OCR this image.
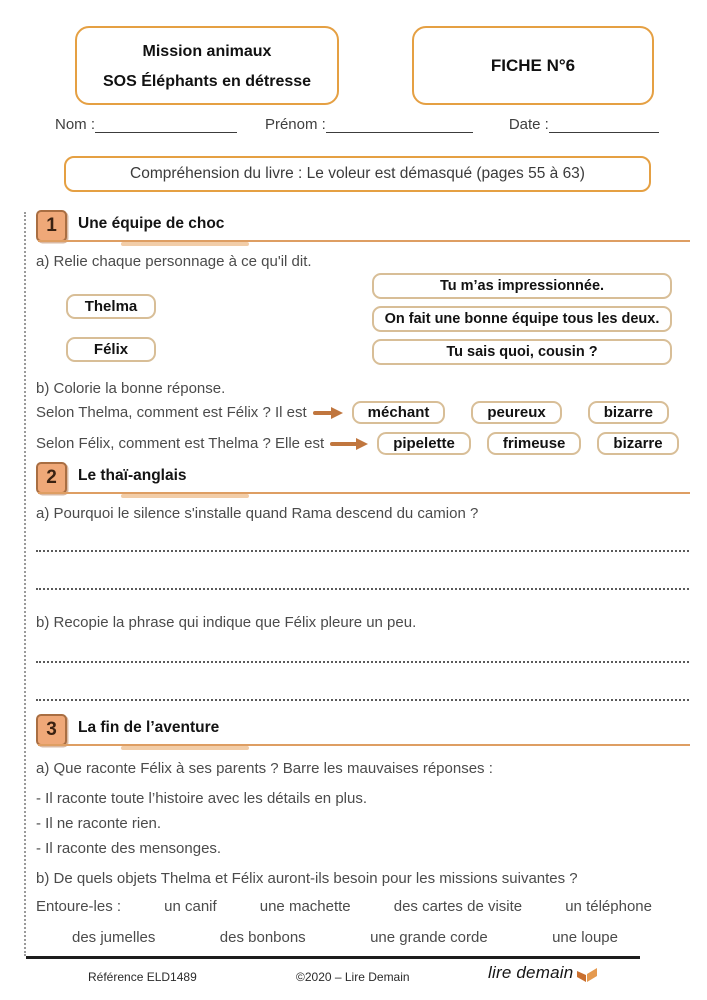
Mission animaux
SOS Éléphants en détresse
FICHE N°6
Nom :	Prénom :	Date :
Compréhension du livre : Le voleur est démasqué (pages 55 à 63)
1	Une équipe de choc
a) Relie chaque personnage à ce qu'il dit.
Thelma
Félix
Tu m’as impressionnée.
On fait une bonne équipe tous les deux.
Tu sais quoi, cousin ?
b) Colorie la bonne réponse.
Selon Thelma, comment est Félix ? Il est	méchant	peureux	bizarre
Selon Félix, comment est Thelma ? Elle est	pipelette	frimeuse	bizarre
2	Le thaï-anglais
a) Pourquoi le silence s'installe quand Rama descend du camion ?
b) Recopie la phrase qui indique que Félix pleure un peu.
3	La fin de l’aventure
a) Que raconte Félix à ses parents ? Barre les mauvaises réponses :
- Il raconte toute l’histoire avec les détails en plus.
- Il ne raconte rien.
- Il raconte des mensonges.
b) De quels objets Thelma et Félix auront-ils besoin pour les missions suivantes ?
Entoure-les :	un canif	une machette	des cartes de visite	un téléphone
des jumelles	des bonbons	une grande corde	une loupe
Référence ELD1489	©2020 – Lire Demain	lire demain
